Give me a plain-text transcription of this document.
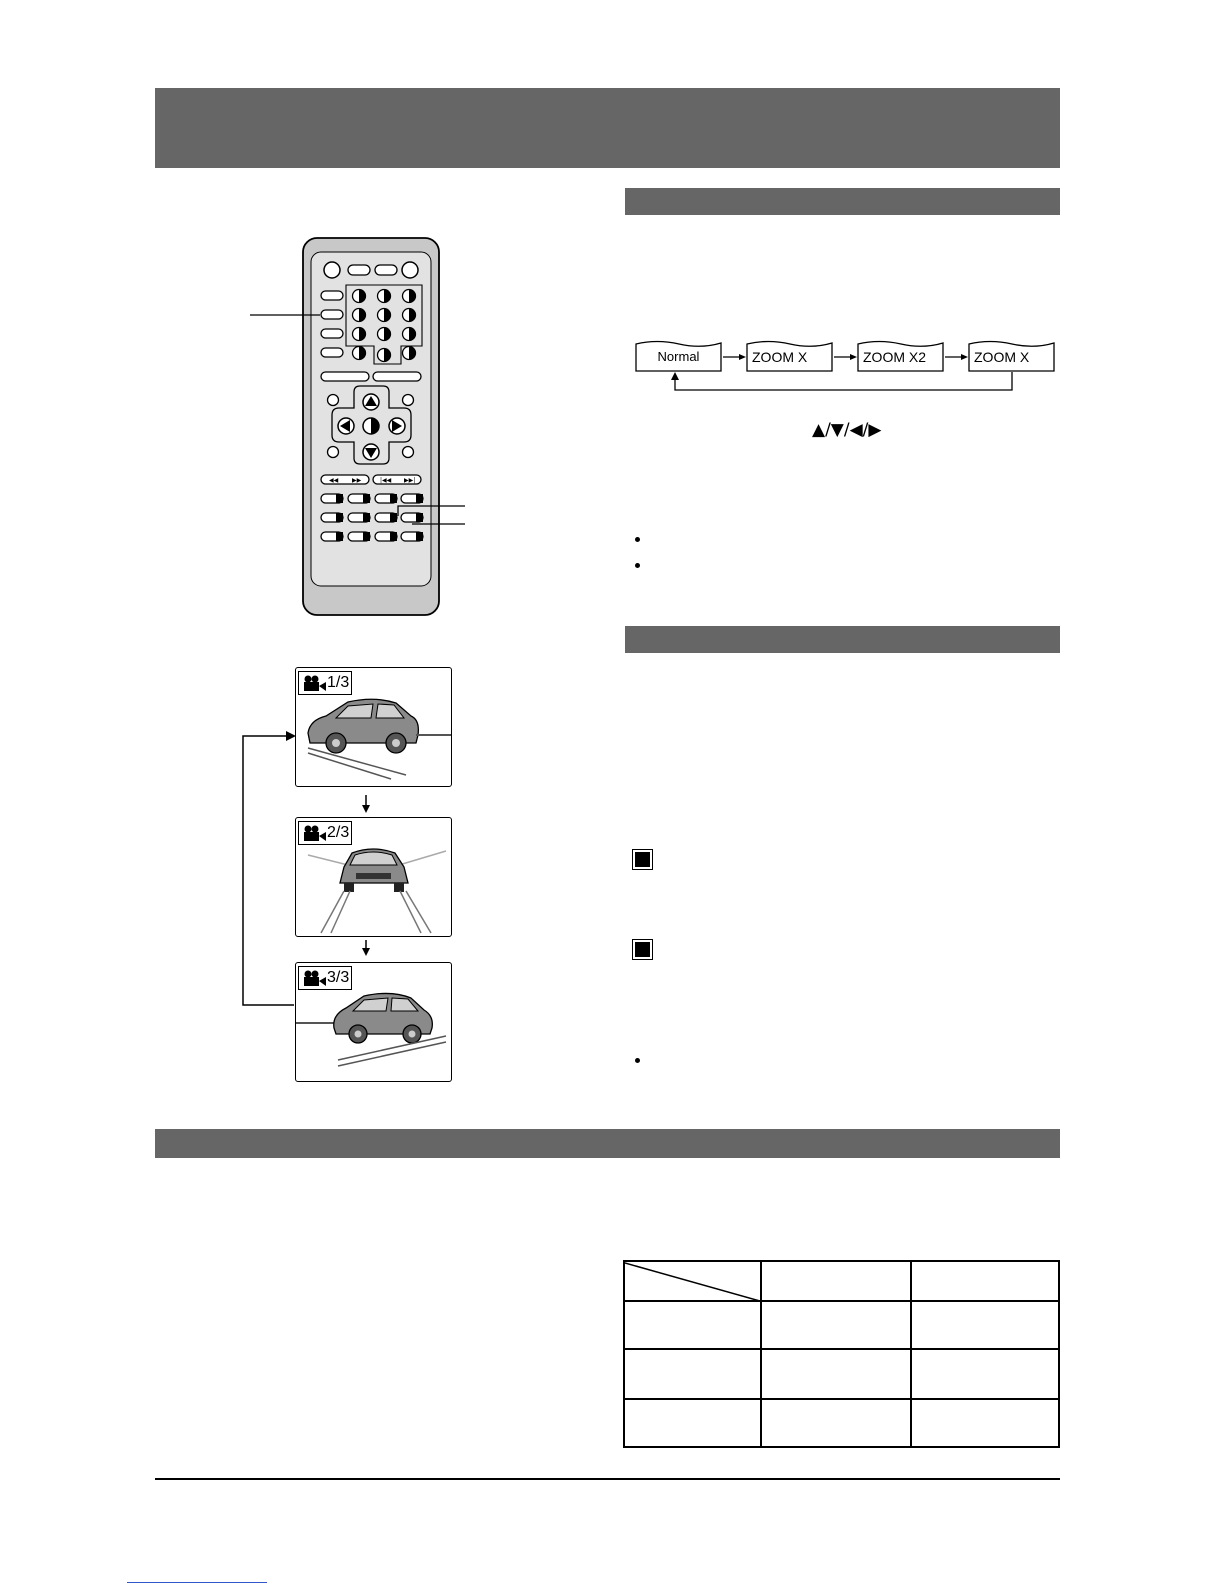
◀◀ ▶▶	|◀◀ ▶▶|
Normal	ZOOM X	ZOOM X2	ZOOM X
▲/▼/◀/▶
1/3
2/3
3/3
